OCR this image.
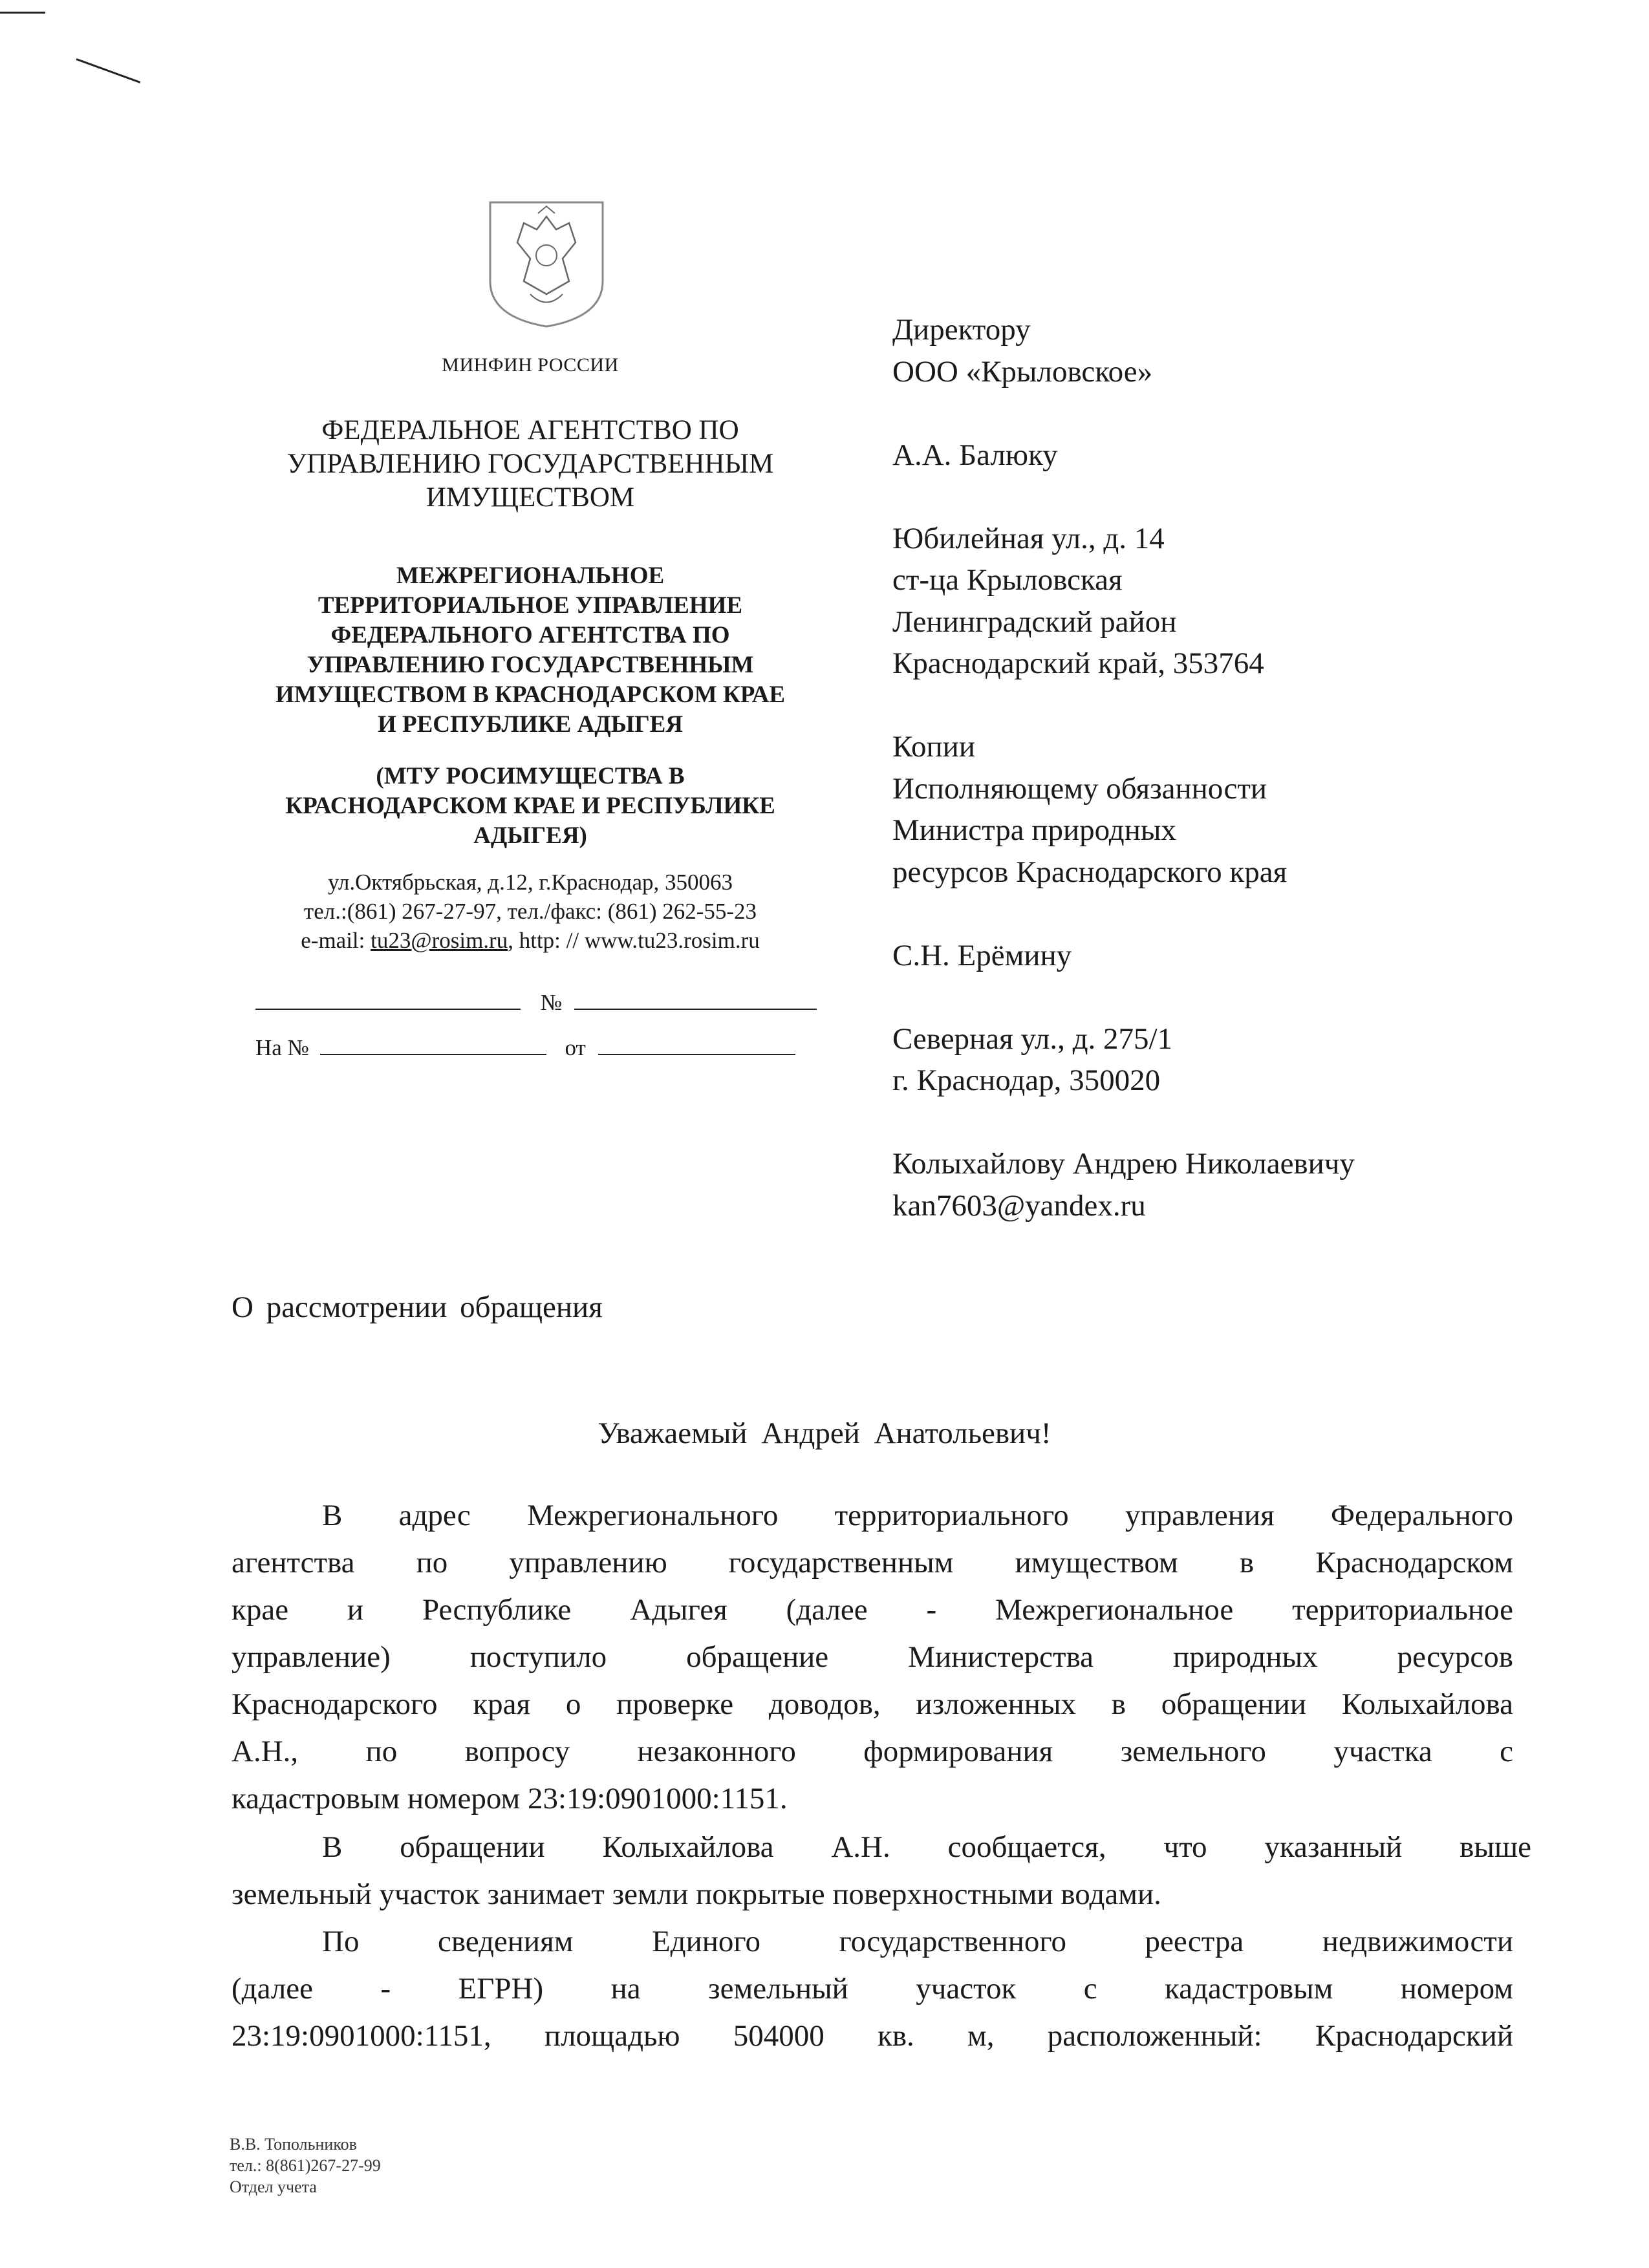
МИНФИН РОССИИ
ФЕДЕРАЛЬНОЕ АГЕНТСТВО ПО
УПРАВЛЕНИЮ ГОСУДАРСТВЕННЫМ
ИМУЩЕСТВОМ
МЕЖРЕГИОНАЛЬНОЕ
ТЕРРИТОРИАЛЬНОЕ УПРАВЛЕНИЕ
ФЕДЕРАЛЬНОГО АГЕНТСТВА ПО
УПРАВЛЕНИЮ ГОСУДАРСТВЕННЫМ
ИМУЩЕСТВОМ В КРАСНОДАРСКОМ КРАЕ
И РЕСПУБЛИКЕ АДЫГЕЯ
(МТУ РОСИМУЩЕСТВА В
КРАСНОДАРСКОМ КРАЕ И РЕСПУБЛИКЕ
АДЫГЕЯ)
ул.Октябрьская, д.12, г.Краснодар, 350063
тел.:(861) 267-27-97, тел./факс: (861) 262-55-23
e-mail: tu23@rosim.ru, http: // www.tu23.rosim.ru
№
На №	от
Директору
ООО «Крыловское»
А.А. Балюку
Юбилейная ул., д. 14
ст-ца Крыловская
Ленинградский район
Краснодарский край, 353764
Копии
Исполняющему обязанности
Министра природных
ресурсов Краснодарского края
С.Н. Ерёмину
Северная ул., д. 275/1
г. Краснодар, 350020
Колыхайлову Андрею Николаевичу
kan7603@yandex.ru
О рассмотрении обращения
Уважаемый Андрей Анатольевич!
В адрес Межрегионального территориального управления Федерального
агентства по управлению государственным имуществом в Краснодарском
крае и Республике Адыгея (далее - Межрегиональное территориальное
управление) поступило обращение Министерства природных ресурсов
Краснодарского края о проверке доводов, изложенных в обращении Колыхайлова
А.Н., по вопросу незаконного формирования земельного участка с
кадастровым номером 23:19:0901000:1151.
В обращении Колыхайлова А.Н. сообщается, что указанный выше
земельный участок занимает земли покрытые поверхностными водами.
По сведениям Единого государственного реестра недвижимости
(далее - ЕГРН) на земельный участок с кадастровым номером
23:19:0901000:1151, площадью 504000 кв. м, расположенный: Краснодарский
В.В. Топольников
тел.: 8(861)267-27-99
Отдел учета
